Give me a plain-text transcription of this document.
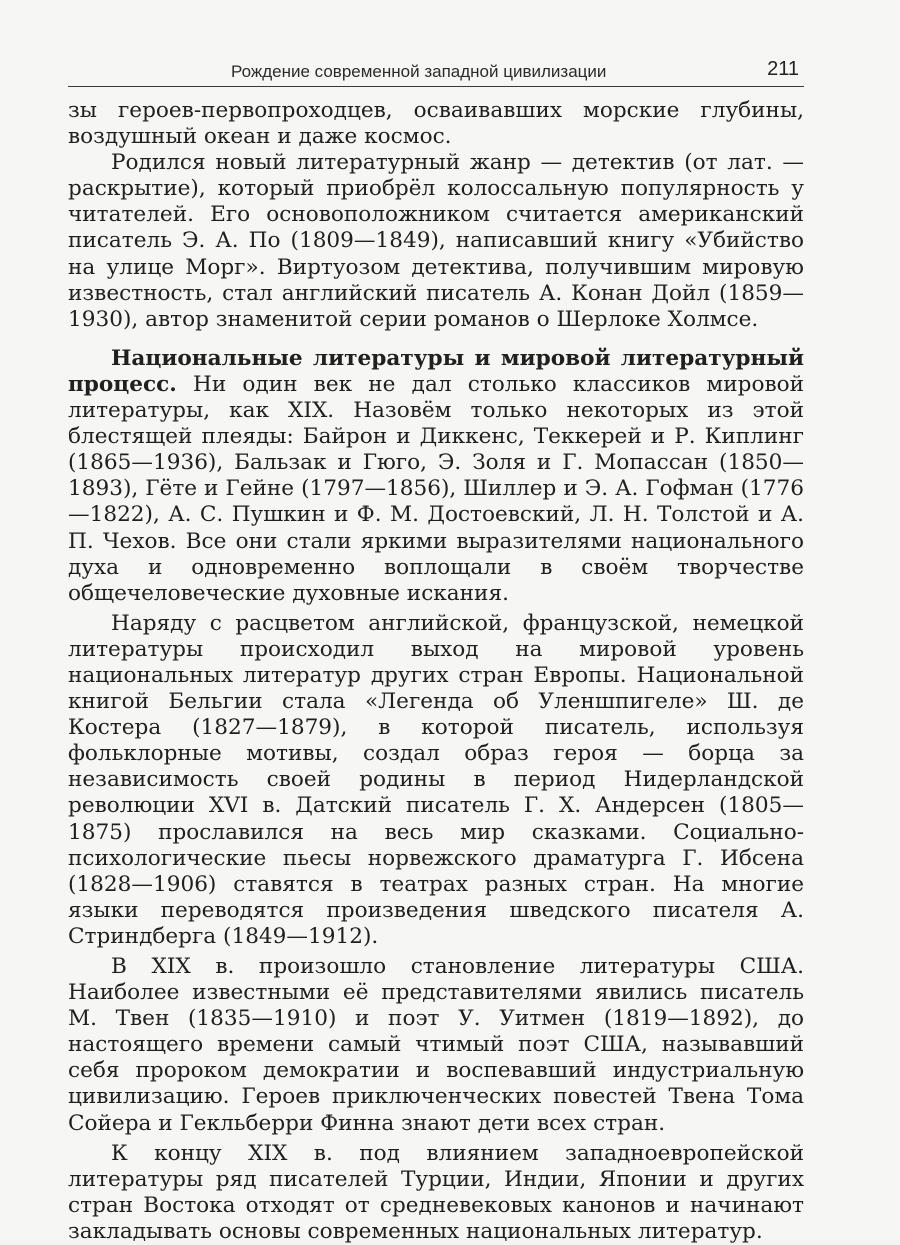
Рождение современной западной цивилизации	211

зы героев-первопроходцев, осваивавших морские глубины, воздушный океан и даже космос.

Родился новый литературный жанр — детектив (от лат. — раскрытие), который приобрёл колоссальную популярность у читателей. Его основоположником считается американский писатель Э. А. По (1809—1849), написавший книгу «Убийство на улице Морг». Виртуозом детектива, получившим мировую известность, стал английский писатель А. Конан Дойл (1859—1930), автор знаменитой серии романов о Шерлоке Холмсе.

Национальные литературы и мировой литературный процесс. Ни один век не дал столько классиков мировой литературы, как XIX. Назовём только некоторых из этой блестящей плеяды: Байрон и Диккенс, Теккерей и Р. Киплинг (1865—1936), Бальзак и Гюго, Э. Золя и Г. Мопассан (1850—1893), Гёте и Гейне (1797—1856), Шиллер и Э. А. Гофман (1776—1822), А. С. Пушкин и Ф. М. Достоевский, Л. Н. Толстой и А. П. Чехов. Все они стали яркими выразителями национального духа и одновременно воплощали в своём творчестве общечеловеческие духовные искания.

Наряду с расцветом английской, французской, немецкой литературы происходил выход на мировой уровень национальных литератур других стран Европы. Национальной книгой Бельгии стала «Легенда об Уленшпигеле» Ш. де Костера (1827—1879), в которой писатель, используя фольклорные мотивы, создал образ героя — борца за независимость своей родины в период Нидерландской революции XVI в. Датский писатель Г. Х. Андерсен (1805—1875) прославился на весь мир сказками. Социально-психологические пьесы норвежского драматурга Г. Ибсена (1828—1906) ставятся в театрах разных стран. На многие языки переводятся произведения шведского писателя А. Стриндберга (1849—1912).

В XIX в. произошло становление литературы США. Наиболее известными её представителями явились писатель М. Твен (1835—1910) и поэт У. Уитмен (1819—1892), до настоящего времени самый чтимый поэт США, называвший себя пророком демократии и воспевавший индустриальную цивилизацию. Героев приключенческих повестей Твена Тома Сойера и Гекльберри Финна знают дети всех стран.

К концу XIX в. под влиянием западноевропейской литературы ряд писателей Турции, Индии, Японии и других стран Востока отходят от средневековых канонов и начинают закладывать основы современных национальных литератур.
